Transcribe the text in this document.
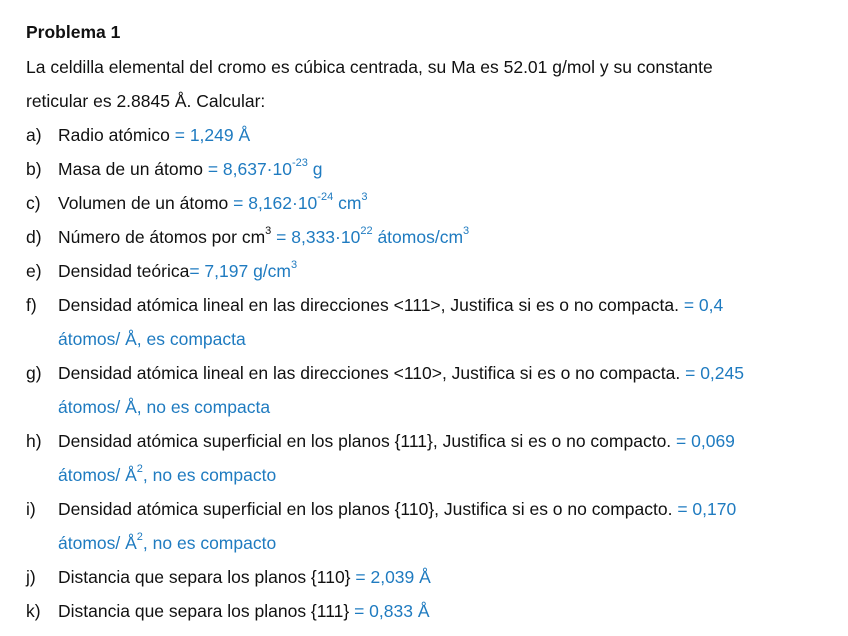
Problema 1
La celdilla elemental del cromo es cúbica centrada, su Ma es 52.01 g/mol y su constante
reticular es 2.8845 Å. Calcular:
a) Radio atómico = 1,249 Å
b) Masa de un átomo = $8,637\cdot 10^{-23}$ g
c) Volumen de un átomo = $8,162\cdot 10^{-24}$ $cm^3$
d) Número de átomos por $cm^3 = 8,333\cdot 10^{22}$ átomos/$cm^3$
e) Densidad teórica= 7,197 $g/cm^3$
f)	Densidad atómica lineal en las direcciones <111>, Justifica si es o no compacta. = 0,4
átomos/ Å, es compacta
g) Densidad atómica lineal en las direcciones <110>, Justifica si es o no compacta. = 0,245
átomos/ Å, no es compacta
h) Densidad atómica superficial en los planos {111}, Justifica si es o no compacto. = 0,069
átomos/ $Å^2$, no es compacto
i)	Densidad atómica superficial en los planos {110}, Justifica si es o no compacto. = 0,170
átomos/ $Å^2$, no es compacto
j)	Distancia que separa los planos {110} = 2,039 Å
k) Distancia que separa los planos {111} = 0,833 Å
